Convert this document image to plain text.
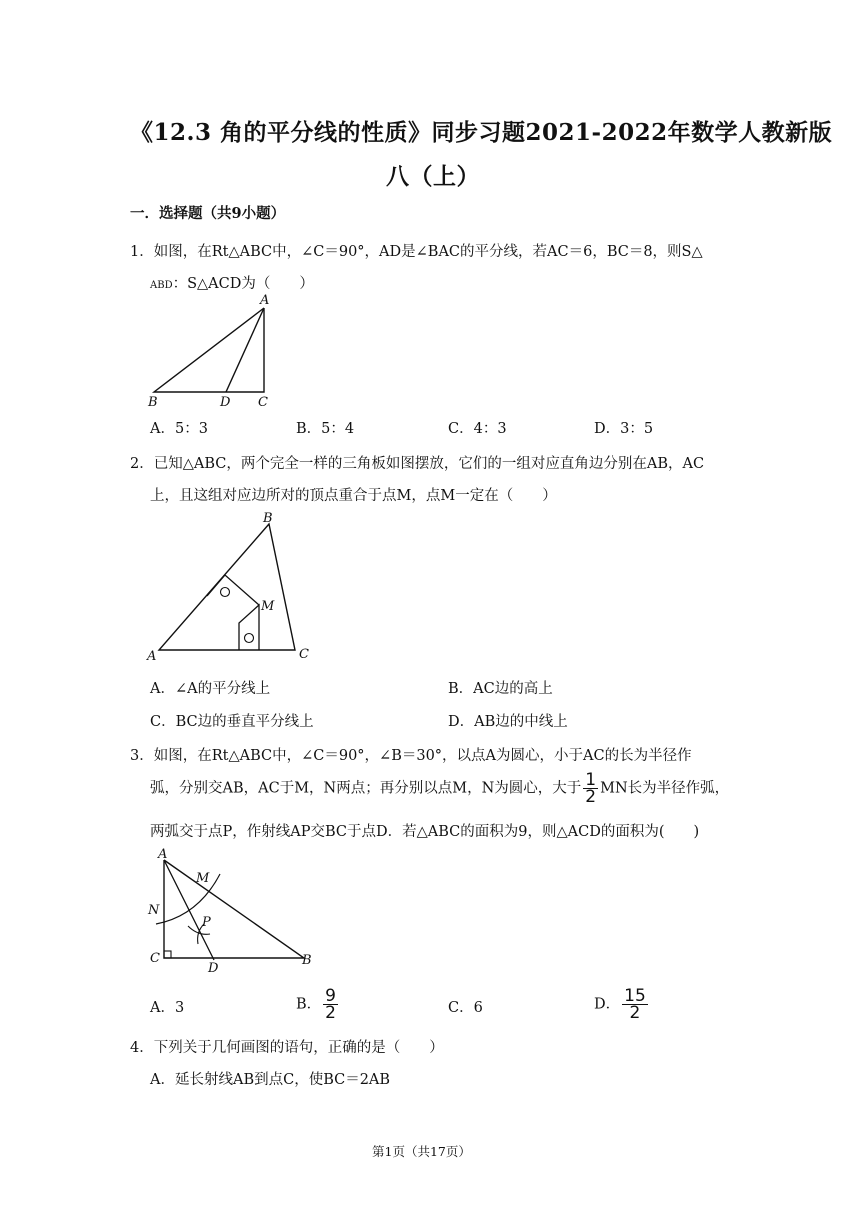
《12.3 角的平分线的性质》同步习题2021-2022年数学人教新版
八（上）
一．选择题（共9小题）
1．如图，在Rt△ABC中，∠C＝90°，AD是∠BAC的平分线，若AC＝6，BC＝8，则S△
ABD：S△ACD为（　　）
A
B	D C
A．5：3	B．5：4	C．4：3	D．3：5
2．已知△ABC，两个完全一样的三角板如图摆放，它们的一组对应直角边分别在AB，AC
上，且这组对应边所对的顶点重合于点M，点M一定在（　　）
B
M
A	C
A．∠A的平分线上	B．AC边的高上
C．BC边的垂直平分线上	D．AB边的中线上
3．如图，在Rt△ABC中，∠C＝90°，∠B＝30°，以点A为圆心，小于AC的长为半径作
弧，分别交AB，AC于M，N两点；再分别以点M，N为圆心，大于 $\frac{1}{2}$ MN长为半径作弧，
两弧交于点P，作射线AP交BC于点D．若△ABC的面积为9，则△ACD的面积为(　　)
A
M
N
P
C
D
B
A．3	B． $\frac{9}{2}$	C．6	D． $\frac{15}{2}$
4．下列关于几何画图的语句，正确的是（　　）
A．延长射线AB到点C，使BC＝2AB
第1页（共17页）
